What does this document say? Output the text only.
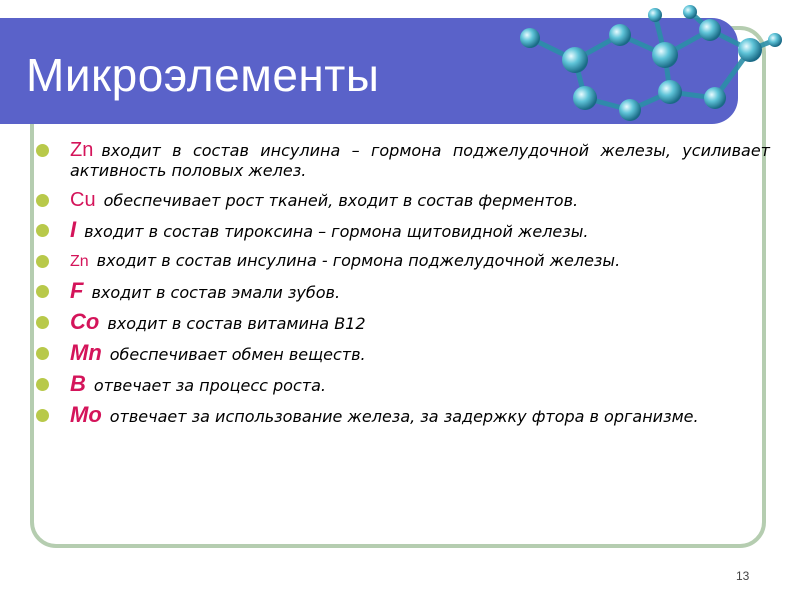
Микроэлементы
Zn входит в состав инсулина – гормона поджелудочной железы, усиливает активность половых желез.
Cu обеспечивает рост тканей, входит в состав ферментов.
I входит в состав тироксина – гормона щитовидной железы.
Zn входит в состав инсулина - гормона поджелудочной железы.
F входит в состав эмали зубов.
Co входит в состав витамина В12
Mn обеспечивает обмен веществ.
B отвечает за процесс роста.
Mo отвечает за использование железа, за задержку фтора в организме.
13
